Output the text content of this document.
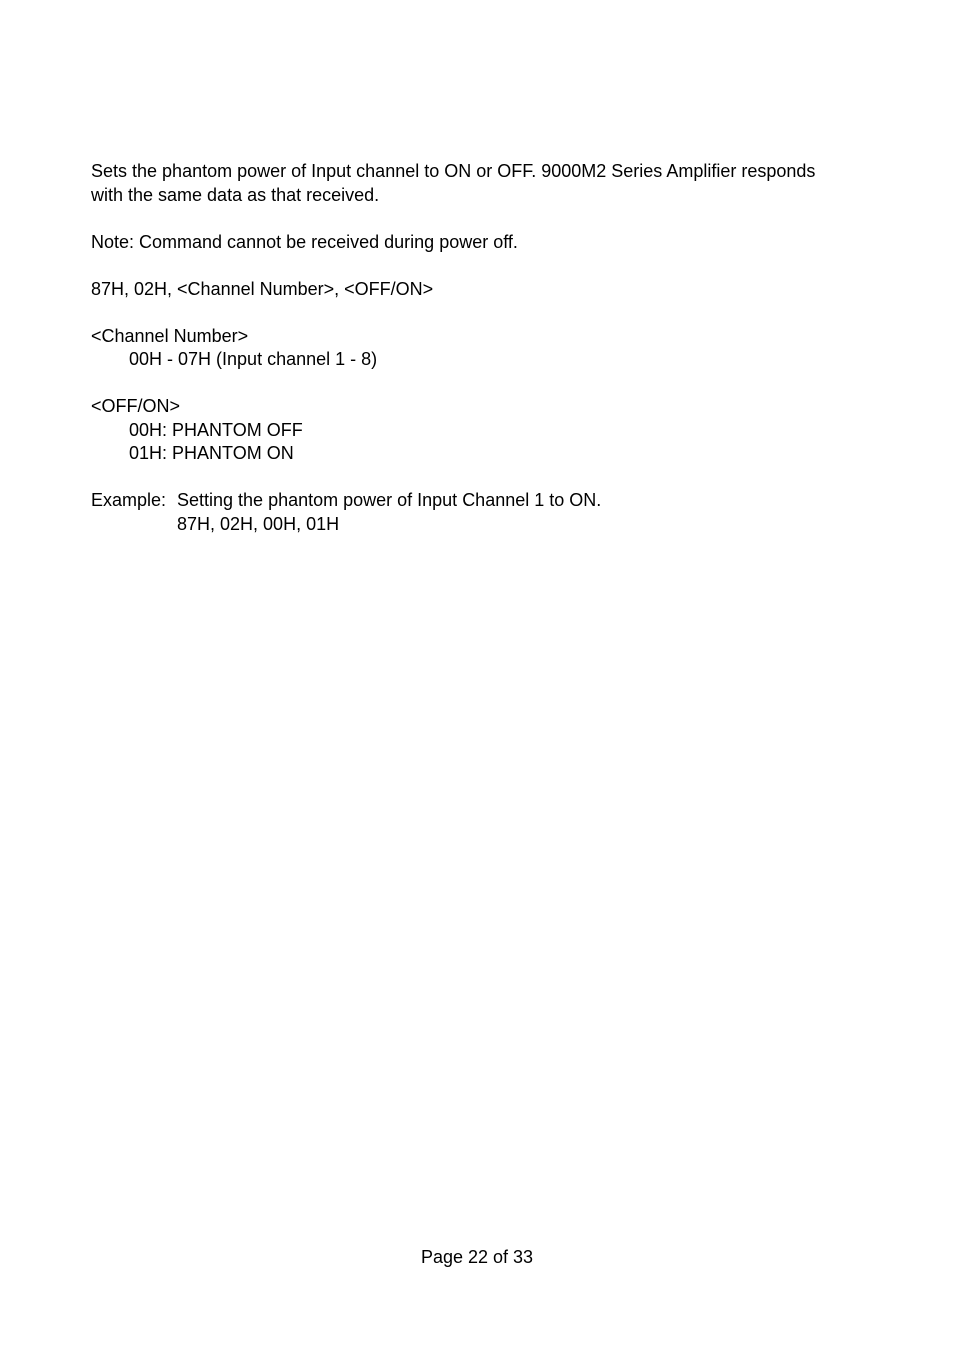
Sets the phantom power of Input channel to ON or OFF. 9000M2 Series Amplifier responds
with the same data as that received.

Note: Command cannot be received during power off.

87H, 02H, <Channel Number>, <OFF/ON>

<Channel Number>
00H - 07H (Input channel 1 - 8)

<OFF/ON>
00H: PHANTOM OFF
01H: PHANTOM ON

Example: Setting the phantom power of Input Channel 1 to ON.
87H, 02H, 00H, 01H

Page 22 of 33
